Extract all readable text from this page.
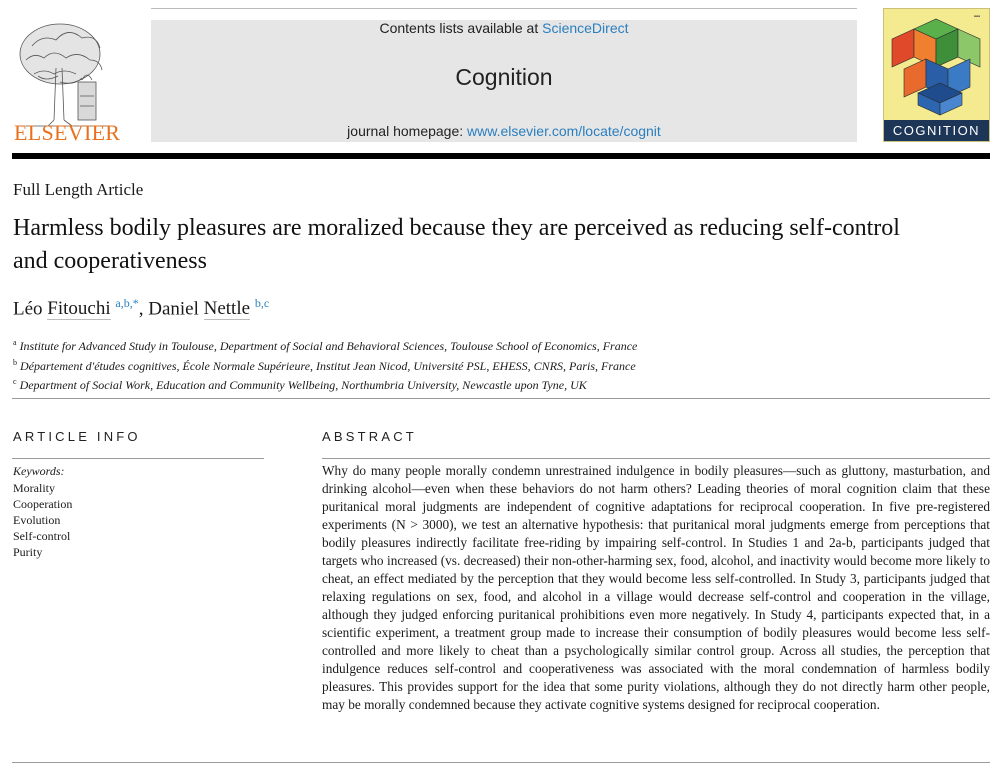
ELSEVIER
Contents lists available at ScienceDirect
Cognition
journal homepage: www.elsevier.com/locate/cognit
▪▪▪
COGNITION
Full Length Article
Harmless bodily pleasures are moralized because they are perceived as reducing self-control and cooperativeness
Léo Fitouchi $^{a,b,*}$, Daniel Nettle $^{b,c}$
$^a$ Institute for Advanced Study in Toulouse, Department of Social and Behavioral Sciences, Toulouse School of Economics, France
$^b$ Département d'études cognitives, École Normale Supérieure, Institut Jean Nicod, Université PSL, EHESS, CNRS, Paris, France
$^c$ Department of Social Work, Education and Community Wellbeing, Northumbria University, Newcastle upon Tyne, UK
ARTICLE INFO
Keywords:
Morality
Cooperation
Evolution
Self-control
Purity
ABSTRACT

Why do many people morally condemn unrestrained indulgence in bodily pleasures—such as gluttony, masturbation, and drinking alcohol—even when these behaviors do not harm others? Leading theories of moral cognition claim that these puritanical moral judgments are independent of cognitive adaptations for reciprocal cooperation. In five pre-registered experiments (N > 3000), we test an alternative hypothesis: that puritanical moral judgments emerge from perceptions that bodily pleasures indirectly facilitate free-riding by impairing self-control. In Studies 1 and 2a-b, participants judged that targets who increased (vs. decreased) their non-other-harming sex, food, alcohol, and inactivity would become more likely to cheat, an effect mediated by the perception that they would become less self-controlled. In Study 3, participants judged that relaxing regulations on sex, food, and alcohol in a village would decrease self-control and cooperation in the village, although they judged enforcing puritanical prohibitions even more negatively. In Study 4, participants expected that, in a scientific experiment, a treatment group made to increase their consumption of bodily pleasures would become less self-controlled and more likely to cheat than a psychologically similar control group. Across all studies, the perception that indulgence reduces self-control and cooperativeness was associated with the moral condemnation of harmless bodily pleasures. This provides support for the idea that some purity violations, although they do not directly harm other people, may be morally condemned because they activate cognitive systems designed for reciprocal cooperation.
